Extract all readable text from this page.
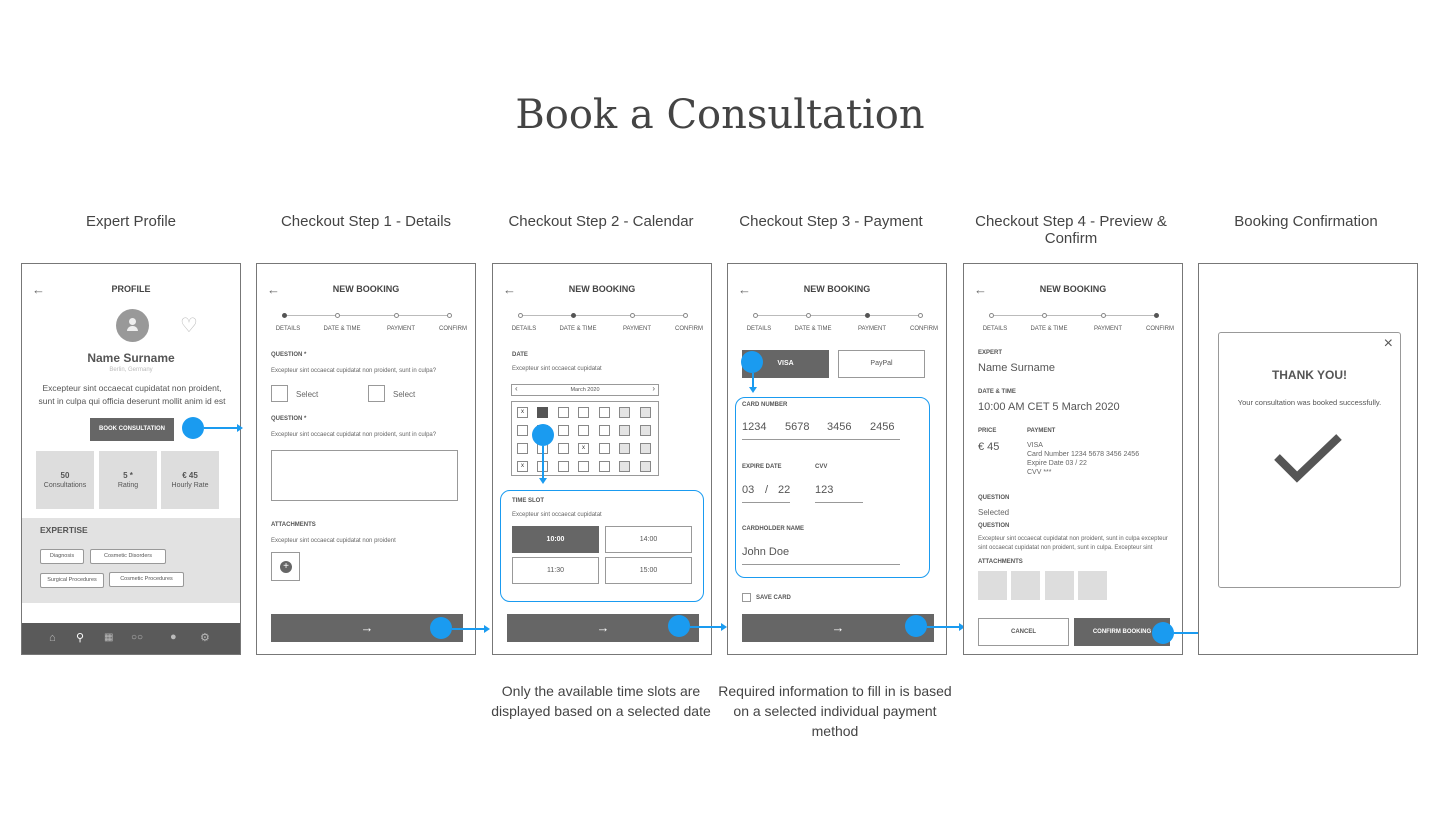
Book a Consultation
Expert Profile	Checkout Step 1 - Details	Checkout Step 2 - Calendar	Checkout Step 3 - Payment	Checkout Step 4 - Preview & Confirm
Booking Confirmation
←	PROFILE
♡
Name Surname
Berlin, Germany
Excepteur sint occaecat cupidatat non proident, sunt in culpa qui officia deserunt mollit anim id est
BOOK CONSULTATION
50
Consultations
5 *
Rating
€ 45
Hourly Rate
EXPERTISE
Diagnosis	Cosmetic Disorders
Surgical Procedures	Cosmetic Procedures
⌂ ⚲ ▦ ○○ ● ⚙
←	NEW BOOKING
DETAILS	DATE & TIME	PAYMENT	CONFIRM
QUESTION *
Excepteur sint occaecat cupidatat non proident, sunt in culpa?
Select	Select
QUESTION *
Excepteur sint occaecat cupidatat non proident, sunt in culpa?
ATTACHMENTS
Excepteur sint occaecat cupidatat non proident
+
→
←	NEW BOOKING
DETAILS	DATE & TIME	PAYMENT	CONFIRM
DATE
Excepteur sint occaecat cupidatat
‹	March 2020	›
x
x
x
TIME SLOT
Excepteur sint occaecat cupidatat
10:00	14:00
11:30	15:00
→
←	NEW BOOKING
DETAILS	DATE & TIME	PAYMENT	CONFIRM
VISA	PayPal
CARD NUMBER
1234 5678 3456 2456
EXPIRE DATE	CVV
03 / 22 123
CARDHOLDER NAME
John Doe
SAVE CARD
→
←	NEW BOOKING
DETAILS	DATE & TIME	PAYMENT	CONFIRM
EXPERT
Name Surname
DATE & TIME
10:00 AM CET 5 March 2020
PRICE
€ 45
PAYMENT
VISA
Card Number 1234 5678 3456 2456
Expire Date 03 / 22
CVV ***
QUESTION
Selected
QUESTION
Excepteur sint occaecat cupidatat non proident, sunt in culpa excepteur sint occaecat cupidatat non proident, sunt in culpa. Excepteur sint
ATTACHMENTS
CANCEL	CONFIRM BOOKING
×
THANK YOU!
Your consultation was booked successfully.
Only the available time slots are displayed based on a selected date
Required information to fill in is based on a selected individual payment method
